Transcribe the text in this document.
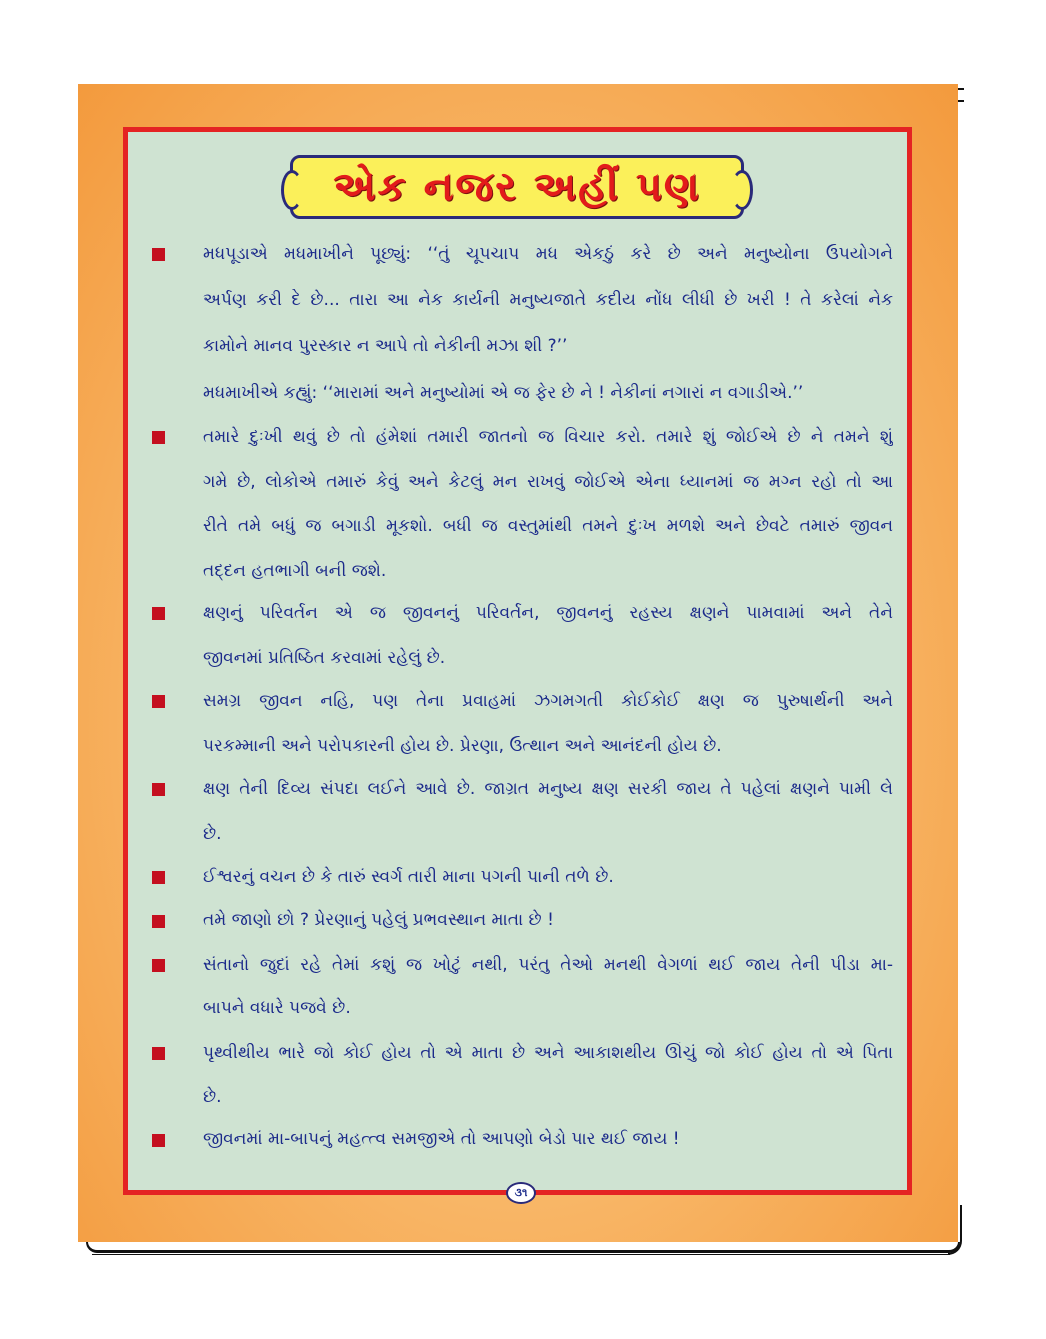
એક નજર અહીં પણ
મધપૂડાએ મધમાખીને પૂછ્યું: ‘‘તું ચૂપચાપ મધ એકઠું કરે છે અને મનુષ્યોના ઉપયોગને
અર્પણ કરી દે છે... તારા આ નેક કાર્યની મનુષ્યજાતે કદીય નોંધ લીધી છે ખરી ! તે કરેલાં નેક
કામોને માનવ પુરસ્કાર ન આપે તો નેકીની મઝા શી ?’’
મધમાખીએ કહ્યું: ‘‘મારામાં અને મનુષ્યોમાં એ જ ફેર છે ને ! નેકીનાં નગારાં ન વગાડીએ.’’
તમારે દુઃખી થવું છે તો હંમેશાં તમારી જાતનો જ વિચાર કરો. તમારે શું જોઈએ છે ને તમને શું
ગમે છે, લોકોએ તમારું કેવું અને કેટલું મન રાખવું જોઈએ એના ધ્યાનમાં જ મગ્ન રહો તો આ
રીતે તમે બધું જ બગાડી મૂકશો. બધી જ વસ્તુમાંથી તમને દુઃખ મળશે અને છેવટે તમારું જીવન
તદ્દન હતભાગી બની જશે.
ક્ષણનું પરિવર્તન એ જ જીવનનું પરિવર્તન, જીવનનું રહસ્ય ક્ષણને પામવામાં અને તેને
જીવનમાં પ્રતિષ્ઠિત કરવામાં રહેલું છે.
સમગ્ર જીવન નહિ, પણ તેના પ્રવાહમાં ઝગમગતી કોઈકોઈ ક્ષણ જ પુરુષાર્થની અને
પરકમ્માની અને પરોપકારની હોય છે. પ્રેરણા, ઉત્થાન અને આનંદની હોય છે.
ક્ષણ તેની દિવ્ય સંપદા લઈને આવે છે. જાગ્રત મનુષ્ય ક્ષણ સરકી જાય તે પહેલાં ક્ષણને પામી લે
છે.
ઈશ્વરનું વચન છે કે તારું સ્વર્ગ તારી માના પગની પાની તળે છે.
તમે જાણો છો ? પ્રેરણાનું પહેલું પ્રભવસ્થાન માતા છે !
સંતાનો જુદાં રહે તેમાં કશું જ ખોટું નથી, પરંતુ તેઓ મનથી વેગળાં થઈ જાય તેની પીડા મા-
બાપને વધારે પજવે છે.
પૃથ્વીથીય ભારે જો કોઈ હોય તો એ માતા છે અને આકાશથીય ઊંચું જો કોઈ હોય તો એ પિતા
છે.
જીવનમાં મા-બાપનું મહત્ત્વ સમજીએ તો આપણો બેડો પાર થઈ જાય !
૩૧
